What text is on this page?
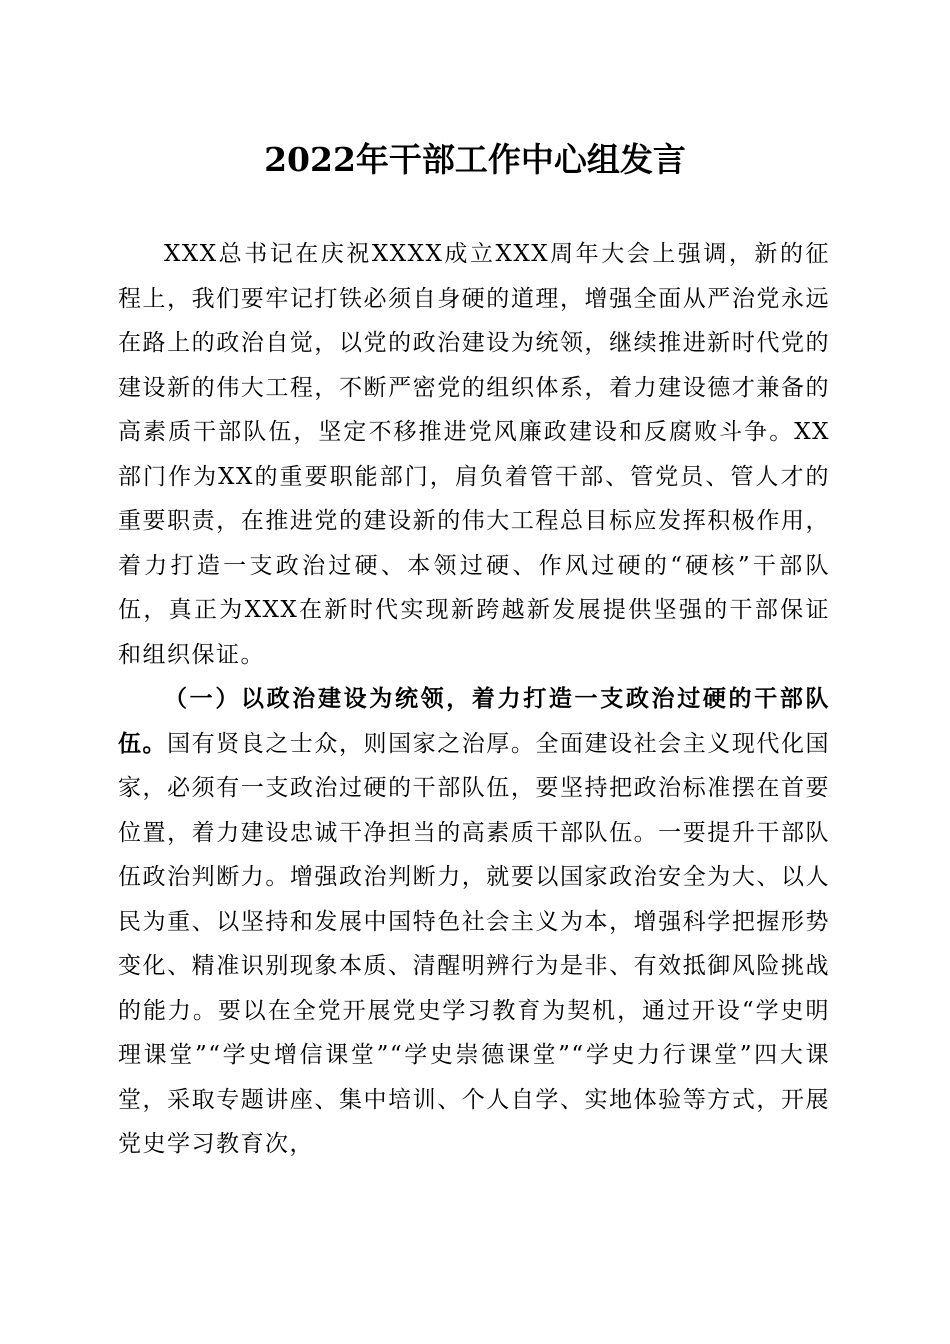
2022年干部工作中心组发言

XXX总书记在庆祝XXXX成立XXX周年大会上强调，新的征程上，我们要牢记打铁必须自身硬的道理，增强全面从严治党永远在路上的政治自觉，以党的政治建设为统领，继续推进新时代党的建设新的伟大工程，不断严密党的组织体系，着力建设德才兼备的高素质干部队伍，坚定不移推进党风廉政建设和反腐败斗争。XX部门作为XX的重要职能部门，肩负着管干部、管党员、管人才的重要职责，在推进党的建设新的伟大工程总目标应发挥积极作用，着力打造一支政治过硬、本领过硬、作风过硬的“硬核”干部队伍，真正为XXX在新时代实现新跨越新发展提供坚强的干部保证和组织保证。

（一）以政治建设为统领，着力打造一支政治过硬的干部队伍。国有贤良之士众，则国家之治厚。全面建设社会主义现代化国家，必须有一支政治过硬的干部队伍，要坚持把政治标准摆在首要位置，着力建设忠诚干净担当的高素质干部队伍。一要提升干部队伍政治判断力。增强政治判断力，就要以国家政治安全为大、以人民为重、以坚持和发展中国特色社会主义为本，增强科学把握形势变化、精准识别现象本质、清醒明辨行为是非、有效抵御风险挑战的能力。要以在全党开展党史学习教育为契机，通过开设“学史明理课堂”“学史增信课堂”“学史崇德课堂”“学史力行课堂”四大课堂，采取专题讲座、集中培训、个人自学、实地体验等方式，开展党史学习教育次，
